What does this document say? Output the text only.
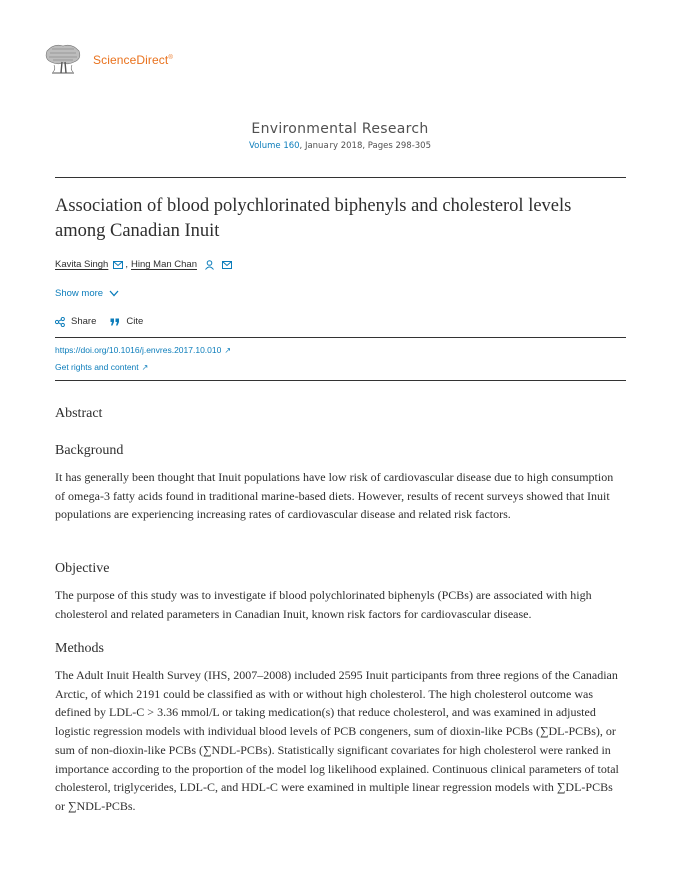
ScienceDirect®
Environmental Research
Volume 160, Janua ry 2018, Pages 298-305
Association of blood polychlorinated biphenyls and cholesterol levels among Canadian Inuit
Kavita Singh , Hing Man Chan
Show more
Share	Cite
https://doi.org/10.1016/j.envres.2017.10.010 ↗
Get rights and content ↗
Abstract
Background
It has generally been thought that Inuit populations have low risk of cardiovascular disease due to high consumption of omega-3 fatty acids found in traditional marine-based diets. However, results of recent surveys showed that Inuit populations are experiencing increasing rates of cardiovascular disease and related risk factors.
Objective
The purpose of this study was to investigate if blood polychlorinated biphenyls (PCBs) are associated with high cholesterol and related parameters in Canadian Inuit, known risk factors for cardiovascular disease.
Methods
The Adult Inuit Health Survey (IHS, 2007–2008) included 2595 Inuit participants from three regions of the Canadian Arctic, of which 2191 could be classified as with or without high cholesterol. The high cholesterol outcome was defined by LDL-C > 3.36 mmol/L or taking medication(s) that reduce cholesterol, and was examined in adjusted logistic regression models with individual blood levels of PCB congeners, sum of dioxin-like PCBs (∑DL-PCBs), or sum of non-dioxin-like PCBs (∑NDL-PCBs). Statistically significant covariates for high cholesterol were ranked in importance according to the proportion of the model log likelihood explained. Continuous clinical parameters of total cholesterol, triglycerides, LDL-C, and HDL-C were examined in multiple linear regression models with ∑DL-PCBs or ∑NDL-PCBs.
